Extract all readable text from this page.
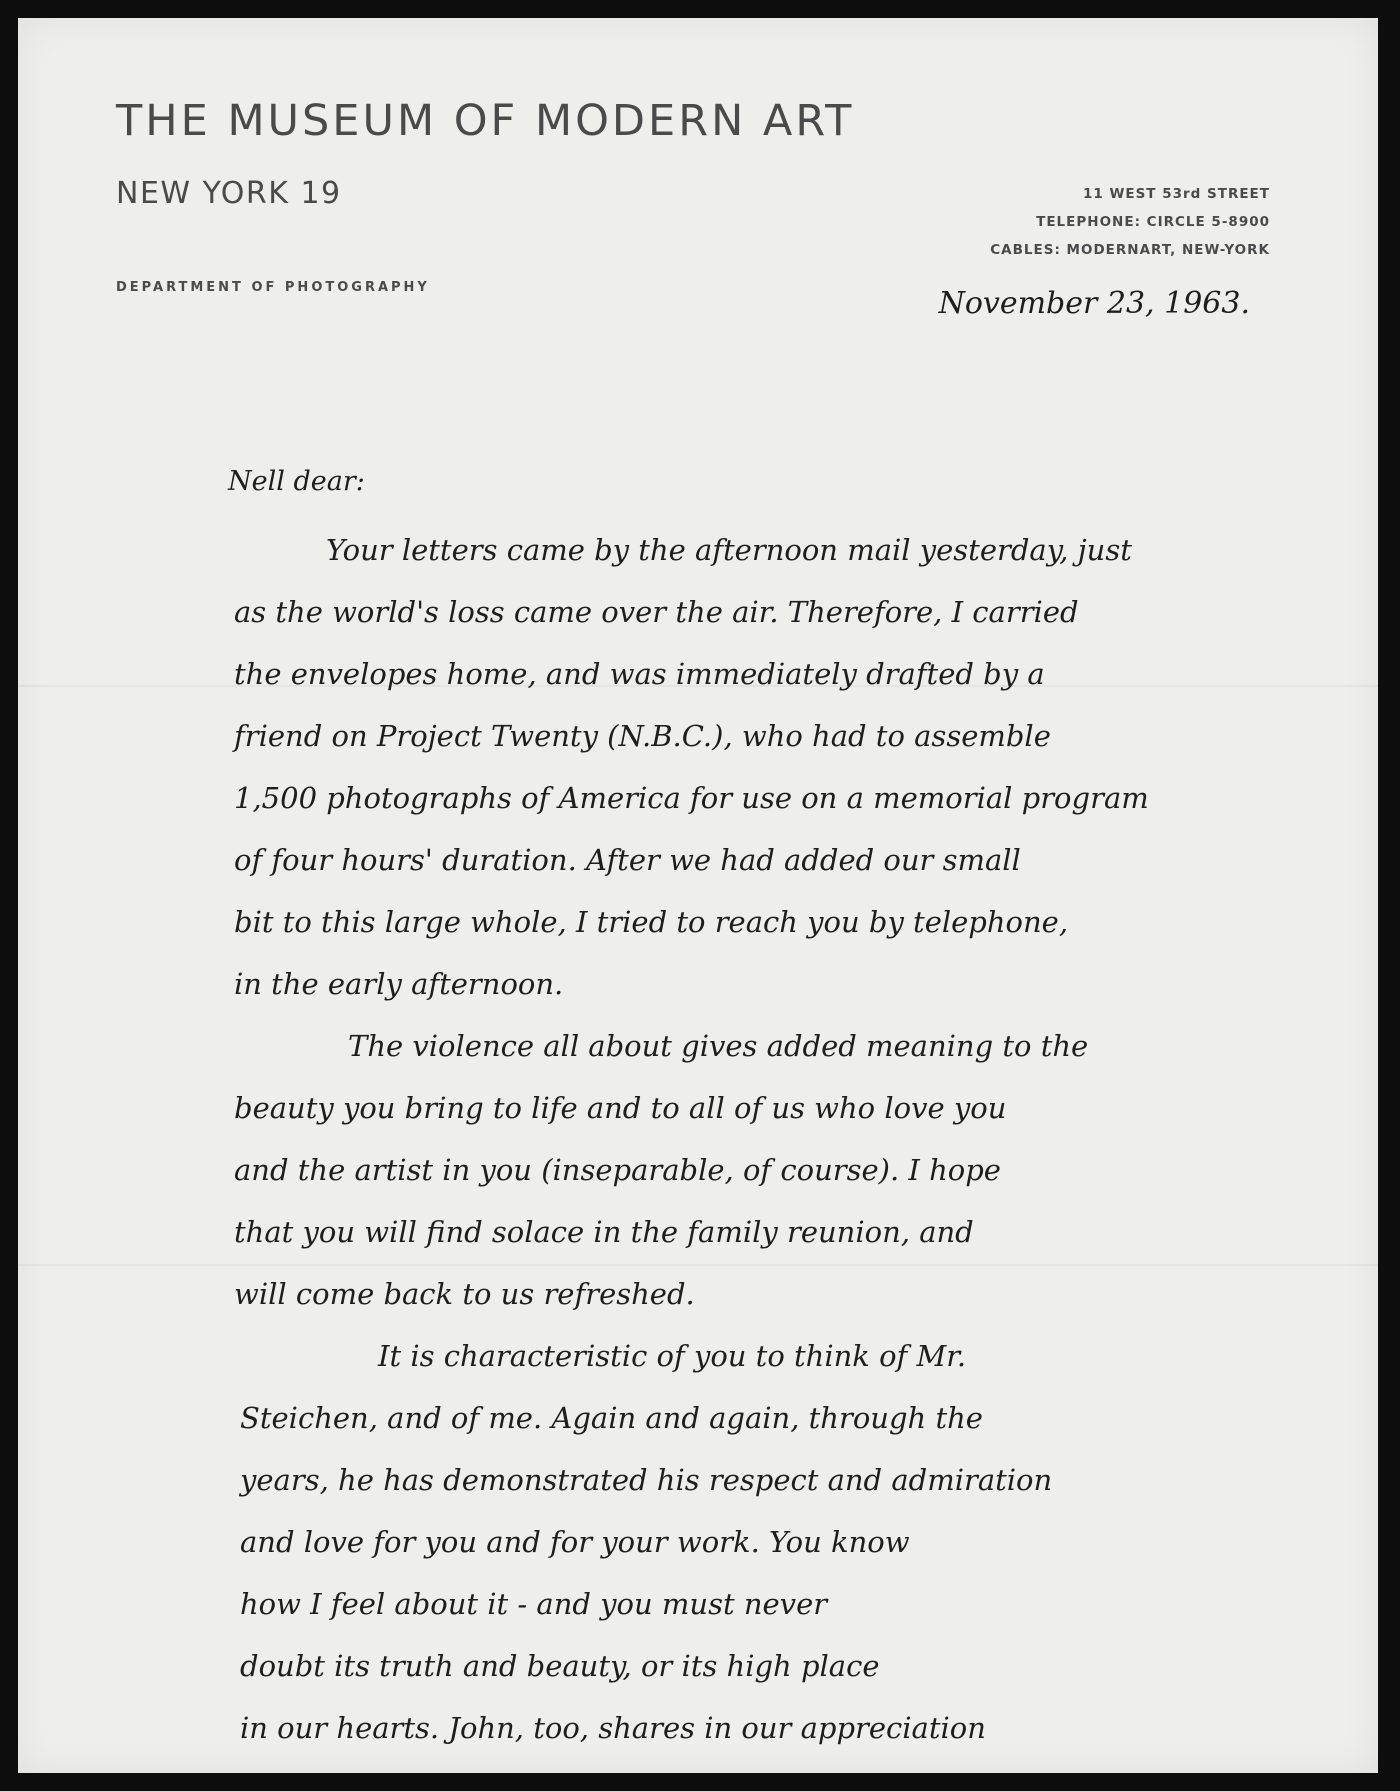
THE MUSEUM OF MODERN ART
NEW YORK 19
DEPARTMENT OF PHOTOGRAPHY
11 WEST 53rd STREET
TELEPHONE: CIRCLE 5-8900
CABLES: MODERNART, NEW-YORK
November 23, 1963.
Nell dear:
Your letters came by the afternoon mail yesterday, just
as the world's loss came over the air. Therefore, I carried
the envelopes home, and was immediately drafted by a
friend on Project Twenty (N.B.C.), who had to assemble
1,500 photographs of America for use on a memorial program
of four hours' duration. After we had added our small
bit to this large whole, I tried to reach you by telephone,
in the early afternoon.
The violence all about gives added meaning to the
beauty you bring to life and to all of us who love you
and the artist in you (inseparable, of course). I hope
that you will find solace in the family reunion, and
will come back to us refreshed.
It is characteristic of you to think of Mr.
Steichen, and of me. Again and again, through the
years, he has demonstrated his respect and admiration
and love for you and for your work. You know
how I feel about it - and you must never
doubt its truth and beauty, or its high place
in our hearts. John, too, shares in our appreciation
